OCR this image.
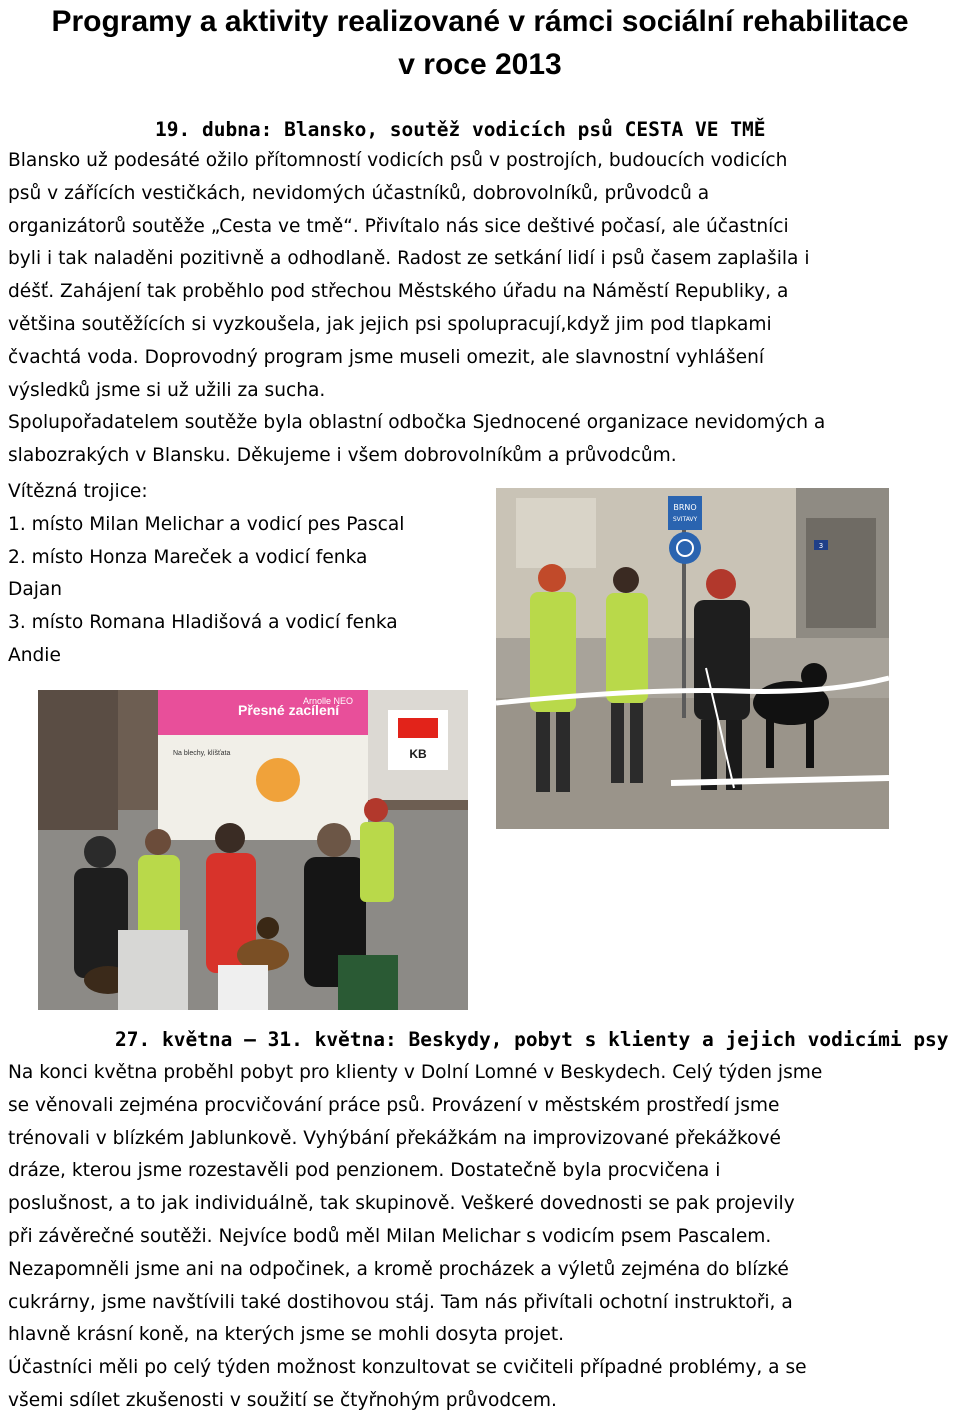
Programy a aktivity realizované v rámci sociální rehabilitace
v roce 2013
19. dubna: Blansko, soutěž vodicích psů CESTA VE TMĚ
Blansko už podesáté ožilo přítomností vodicích psů v postrojích, budoucích vodicích
psů v zářících vestičkách, nevidomých účastníků, dobrovolníků, průvodců a
organizátorů soutěže „Cesta ve tmě“. Přivítalo nás sice deštivé počasí, ale účastníci
byli i tak naladěni pozitivně a odhodlaně. Radost ze setkání lidí i psů časem zaplašila i
déšť. Zahájení tak proběhlo pod střechou Městského úřadu na Náměstí Republiky, a
většina soutěžících si vyzkoušela, jak jejich psi spolupracují,když jim pod tlapkami
čvachtá voda. Doprovodný program jsme museli omezit, ale slavnostní vyhlášení
výsledků jsme si už užili za sucha.
Spolupořadatelem soutěže byla oblastní odbočka Sjednocené organizace nevidomých a
slabozrakých v Blansku. Děkujeme i všem dobrovolníkům a průvodcům.
Vítězná trojice:
1. místo Milan Melichar a vodicí pes Pascal
2. místo Honza Mareček a vodicí fenka
Dajan
3. místo Romana Hladišová a vodicí fenka
Andie
BRNO
SVITAVY
3
KB
Přesné zacílení
Arnolle NEO
Na blechy, klíšťata
27. května – 31. května: Beskydy, pobyt s klienty a jejich vodicími psy
Na konci května proběhl pobyt pro klienty v Dolní Lomné v Beskydech. Celý týden jsme
se věnovali zejména procvičování práce psů. Provázení v městském prostředí jsme
trénovali v blízkém Jablunkově. Vyhýbání překážkám na improvizované překážkové
dráze, kterou jsme rozestavěli pod penzionem. Dostatečně byla procvičena i
poslušnost, a to jak individuálně, tak skupinově. Veškeré dovednosti se pak projevily
při závěrečné soutěži. Nejvíce bodů měl Milan Melichar s vodicím psem Pascalem.
Nezapomněli jsme ani na odpočinek, a kromě procházek a výletů zejména do blízké
cukrárny, jsme navštívili také dostihovou stáj. Tam nás přivítali ochotní instruktoři, a
hlavně krásní koně, na kterých jsme se mohli dosyta projet.
Účastníci měli po celý týden možnost konzultovat se cvičiteli případné problémy, a se
všemi sdílet zkušenosti v soužití se čtyřnohým průvodcem.
